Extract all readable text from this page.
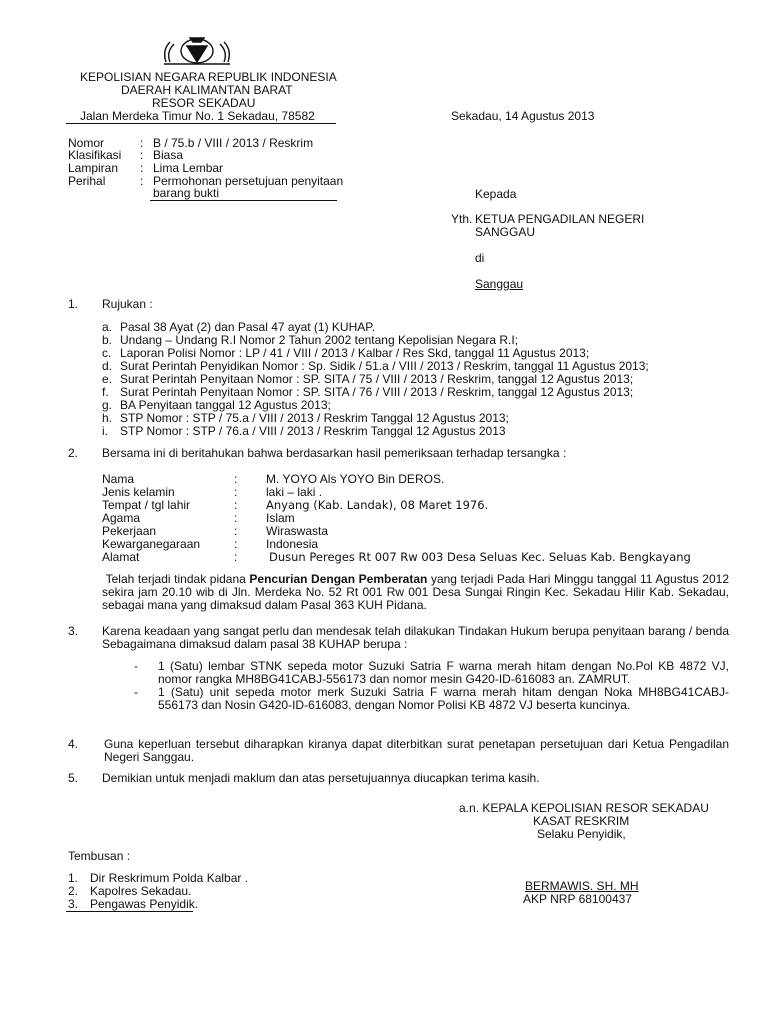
KEPOLISIAN NEGARA REPUBLIK INDONESIA
DAERAH KALIMANTAN BARAT
RESOR SEKADAU
Jalan Merdeka Timur No. 1 Sekadau, 78582	Sekadau, 14 Agustus 2013
Nomor	: B / 75.b / VIII / 2013 / Reskrim
Klasifikasi : Biasa
Lampiran : Lima Lembar
Perihal	: Permohonan persetujuan penyitaan
barang bukti	Kepada
Yth. KETUA PENGADILAN NEGERI
SANGGAU
di
Sanggau
1. Rujukan :
a. Pasal 38 Ayat (2) dan Pasal 47 ayat (1) KUHAP.
b. Undang – Undang R.I Nomor 2 Tahun 2002 tentang Kepolisian Negara R.I;
c. Laporan Polisi Nomor : LP / 41 / VIII / 2013 / Kalbar / Res Skd, tanggal 11 Agustus 2013;
d. Surat Perintah Penyidikan Nomor : Sp. Sidik / 51.a / VIII / 2013 / Reskrim, tanggal 11 Agustus 2013;
e. Surat Perintah Penyitaan Nomor : SP. SITA / 75 / VIII / 2013 / Reskrim, tanggal 12 Agustus 2013;
f. Surat Perintah Penyitaan Nomor : SP. SITA / 76 / VIII / 2013 / Reskrim, tanggal 12 Agustus 2013;
g. BA Penyitaan tanggal 12 Agustus 2013;
h. STP Nomor : STP / 75.a / VIII / 2013 / Reskrim Tanggal 12 Agustus 2013;
i. STP Nomor : STP / 76.a / VIII / 2013 / Reskrim Tanggal 12 Agustus 2013
2. Bersama ini di beritahukan bahwa berdasarkan hasil pemeriksaan terhadap tersangka :
Nama	: M. YOYO Als YOYO Bin DEROS.
Jenis kelamin	: laki – laki .
Tempat / tgl lahir	: Anyang (Kab. Landak), 08 Maret 1976.
Agama	: Islam
Pekerjaan	: Wiraswasta
Kewarganegaraan	: Indonesia
Alamat	:	Dusun Pereges Rt 007 Rw 003 Desa Seluas Kec. Seluas Kab. Bengkayang
Telah terjadi tindak pidana Pencurian Dengan Pemberatan yang terjadi Pada Hari Minggu tanggal 11 Agustus 2012 sekira jam 20.10 wib di Jln. Merdeka No. 52 Rt 001 Rw 001 Desa Sungai Ringin Kec. Sekadau Hilir Kab. Sekadau, sebagai mana yang dimaksud dalam Pasal 363 KUH Pidana.
3. Karena keadaan yang sangat perlu dan mendesak telah dilakukan Tindakan Hukum berupa penyitaan barang / benda Sebagaimana dimaksud dalam pasal 38 KUHAP berupa :
- 1 (Satu) lembar STNK sepeda motor Suzuki Satria F warna merah hitam dengan No.Pol KB 4872 VJ, nomor rangka MH8BG41CABJ-556173 dan nomor mesin G420-ID-616083 an. ZAMRUT.
- 1 (Satu) unit sepeda motor merk Suzuki Satria F warna merah hitam dengan Noka MH8BG41CABJ-556173 dan Nosin G420-ID-616083, dengan Nomor Polisi KB 4872 VJ beserta kuncinya.
4. Guna keperluan tersebut diharapkan kiranya dapat diterbitkan surat penetapan persetujuan dari Ketua Pengadilan Negeri Sanggau.
5. Demikian untuk menjadi maklum dan atas persetujuannya diucapkan terima kasih.
a.n. KEPALA KEPOLISIAN RESOR SEKADAU
KASAT RESKRIM
Selaku Penyidik,
BERMAWIS. SH. MH
AKP NRP 68100437
Tembusan :
1. Dir Reskrimum Polda Kalbar .
2. Kapolres Sekadau.
3. Pengawas Penyidik.
